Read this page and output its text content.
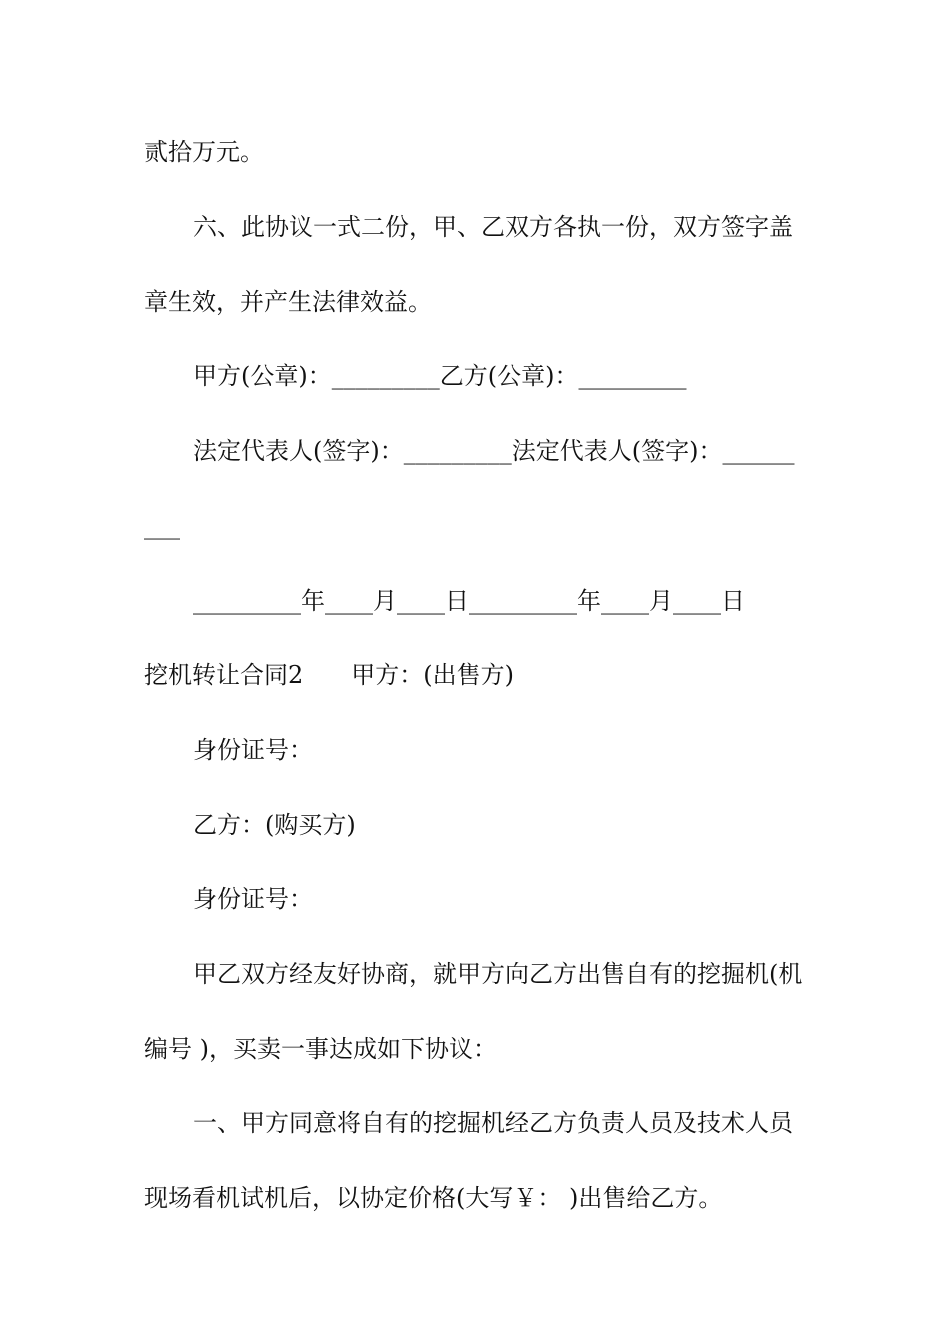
贰拾万元。
六、此协议一式二份，甲、乙双方各执一份，双方签字盖
章生效，并产生法律效益。
甲方(公章)：_________乙方(公章)：_________
法定代表人(签字)：_________法定代表人(签字)：______
___
_________年____月____日_________年____月____日
挖机转让合同2　　甲方：(出售方)
身份证号：
乙方：(购买方)
身份证号：
甲乙双方经友好协商，就甲方向乙方出售自有的挖掘机(机
编号 )，买卖一事达成如下协议：
一、甲方同意将自有的挖掘机经乙方负责人员及技术人员
现场看机试机后，以协定价格(大写￥： )出售给乙方。
